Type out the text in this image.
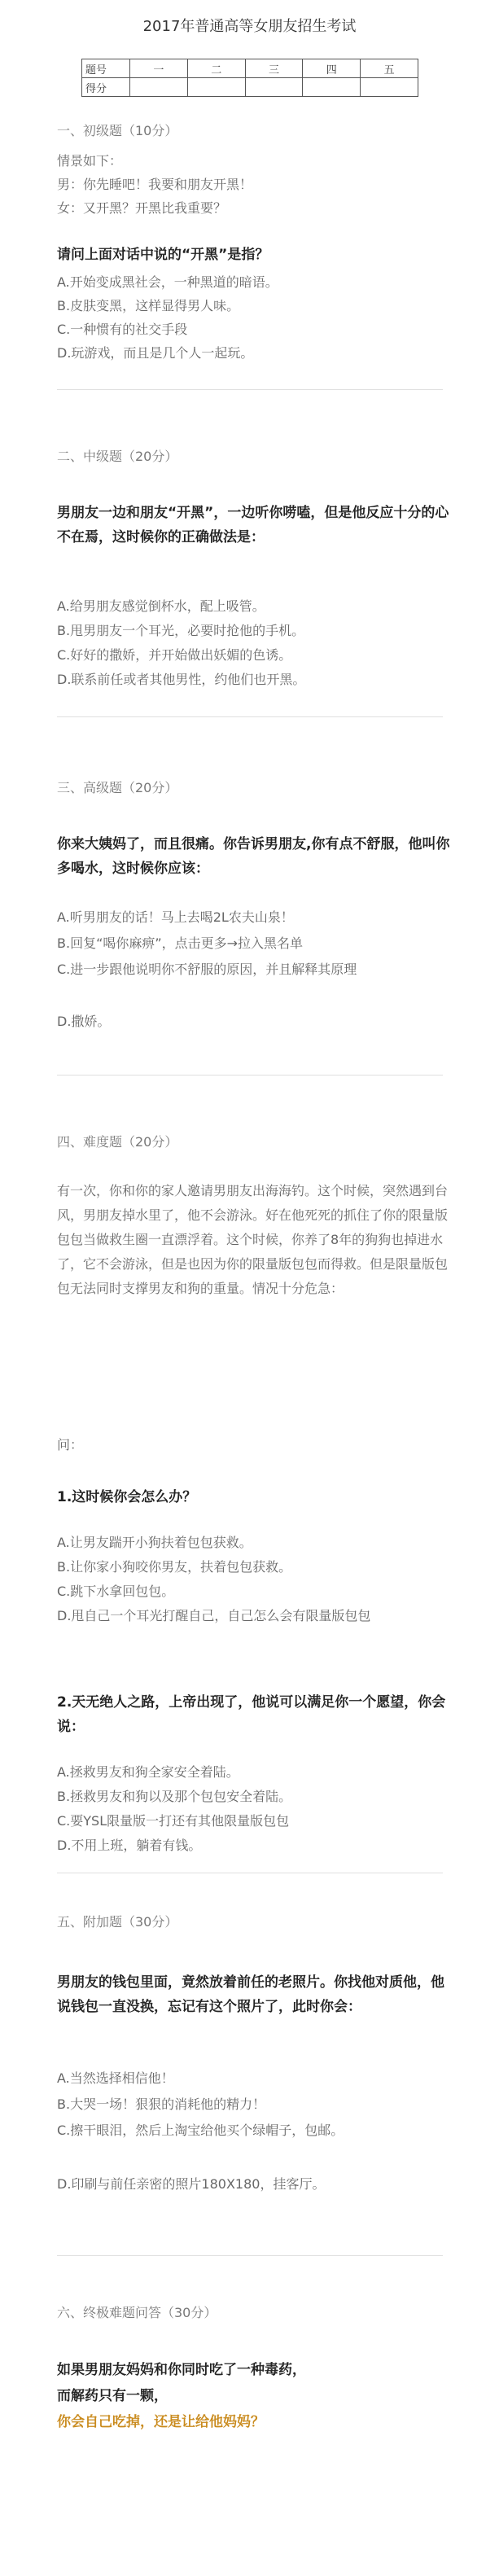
2017年普通高等女朋友招生考试
题号	一	二	三	四	五
得分					
一、初级题（10分）
情景如下：
男：你先睡吧！我要和朋友开黑！
女：又开黑？开黑比我重要？
请问上面对话中说的“开黑”是指？
A.开始变成黑社会，一种黑道的暗语。
B.皮肤变黑，这样显得男人味。
C.一种惯有的社交手段
D.玩游戏，而且是几个人一起玩。
二、中级题（20分）
男朋友一边和朋友“开黑”，一边听你唠嗑，但是他反应十分的心不在焉，这时候你的正确做法是：
A.给男朋友感觉倒杯水，配上吸管。
B.甩男朋友一个耳光，必要时抢他的手机。
C.好好的撒娇，并开始做出妖媚的色诱。
D.联系前任或者其他男性，约他们也开黑。
三、高级题（20分）
你来大姨妈了，而且很痛。你告诉男朋友,你有点不舒服，他叫你多喝水，这时候你应该：
A.听男朋友的话！马上去喝2L农夫山泉！
B.回复“喝你麻痹”，点击更多→拉入黑名单
C.进一步跟他说明你不舒服的原因，并且解释其原理
D.撒娇。
四、难度题（20分）
有一次，你和你的家人邀请男朋友出海海钓。这个时候，突然遇到台风，男朋友掉水里了，他不会游泳。好在他死死的抓住了你的限量版包包当做救生圈一直漂浮着。这个时候，你养了8年的狗狗也掉进水了，它不会游泳，但是也因为你的限量版包包而得救。但是限量版包包无法同时支撑男友和狗的重量。情况十分危急：
问：
1.这时候你会怎么办？
A.让男友踹开小狗扶着包包获救。
B.让你家小狗咬你男友，扶着包包获救。
C.跳下水拿回包包。
D.甩自己一个耳光打醒自己，自己怎么会有限量版包包
2.天无绝人之路，上帝出现了，他说可以满足你一个愿望，你会说：
A.拯救男友和狗全家安全着陆。
B.拯救男友和狗以及那个包包安全着陆。
C.要YSL限量版一打还有其他限量版包包
D.不用上班，躺着有钱。
五、附加题（30分）
男朋友的钱包里面，竟然放着前任的老照片。你找他对质他，他说钱包一直没换，忘记有这个照片了，此时你会：
A.当然选择相信他！
B.大哭一场！狠狠的消耗他的精力！
C.擦干眼泪，然后上淘宝给他买个绿帽子，包邮。
D.印刷与前任亲密的照片180X180，挂客厅。
六、终极难题问答（30分）
如果男朋友妈妈和你同时吃了一种毒药，
而解药只有一颗，
你会自己吃掉，还是让给他妈妈？
